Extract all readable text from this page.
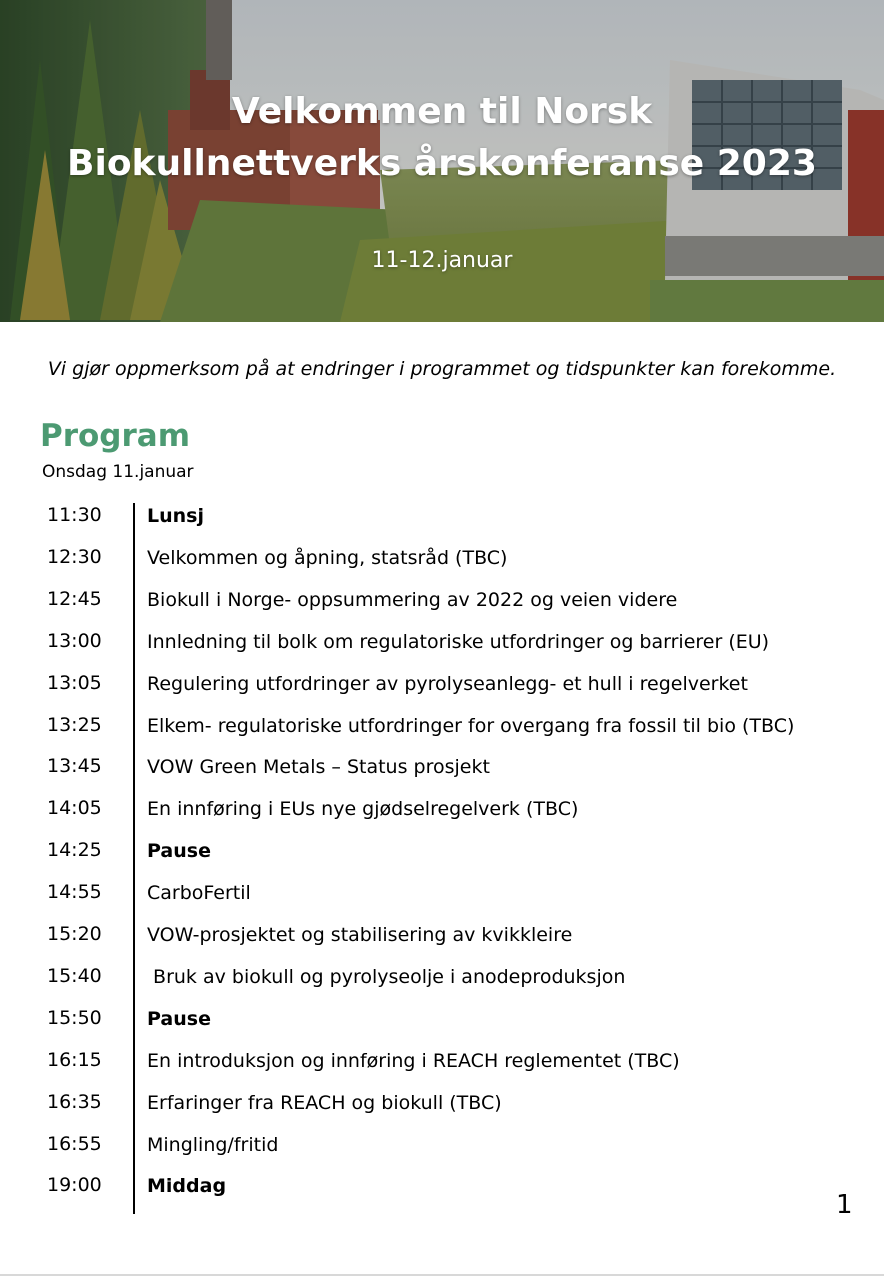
Velkommen til Norsk Biokullnettverks årskonferanse 2023
11-12.januar
Vi gjør oppmerksom på at endringer i programmet og tidspunkter kan forekomme.
Program
Onsdag 11.januar
11:30 Lunsj
12:30 Velkommen og åpning, statsråd (TBC)
12:45 Biokull i Norge- oppsummering av 2022 og veien videre
13:00 Innledning til bolk om regulatoriske utfordringer og barrierer (EU)
13:05 Regulering utfordringer av pyrolyseanlegg- et hull i regelverket
13:25 Elkem- regulatoriske utfordringer for overgang fra fossil til bio (TBC)
13:45 VOW Green Metals – Status prosjekt
14:05 En innføring i EUs nye gjødselregelverk (TBC)
14:25 Pause
14:55 CarboFertil
15:20 VOW-prosjektet og stabilisering av kvikkleire
15:40 Bruk av biokull og pyrolyseolje i anodeproduksjon
15:50 Pause
16:15 En introduksjon og innføring i REACH reglementet (TBC)
16:35 Erfaringer fra REACH og biokull (TBC)
16:55 Mingling/fritid
19:00 Middag
1
